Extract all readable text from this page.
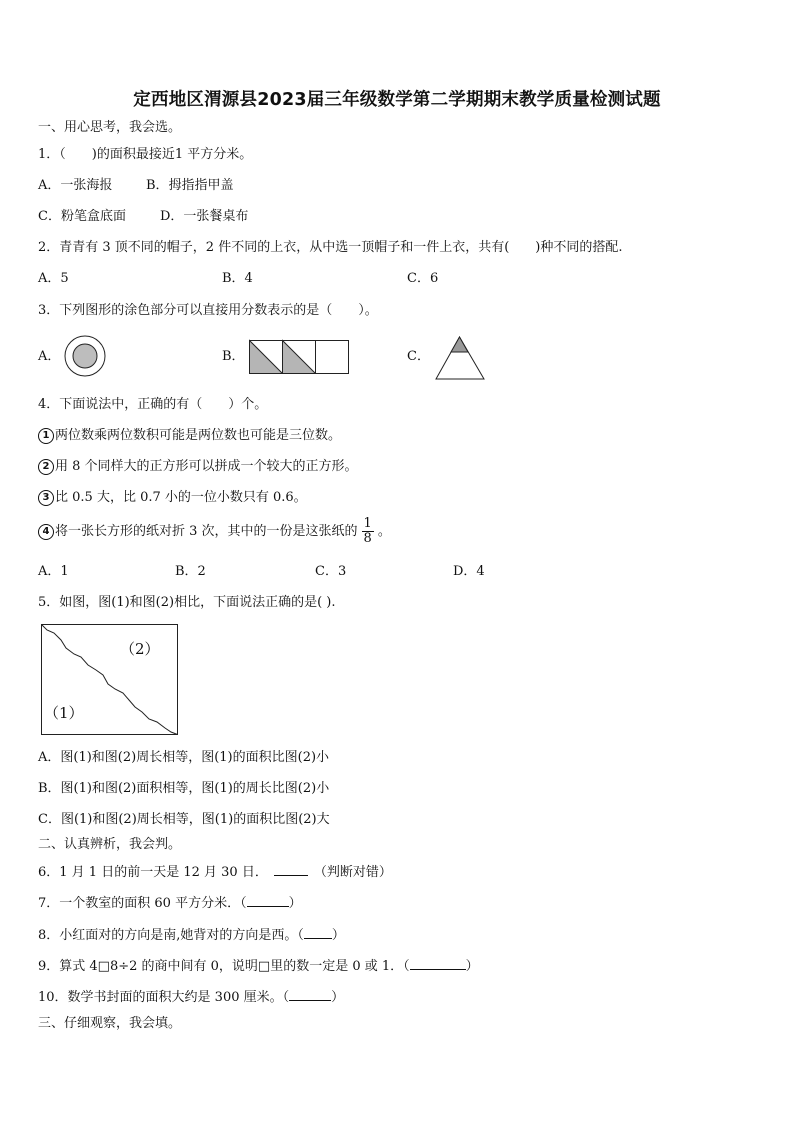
定西地区渭源县2023届三年级数学第二学期期末教学质量检测试题
一、用心思考，我会选。
1．（　　)的面积最接近1 平方分米。
A．一张海报	B．拇指指甲盖
C．粉笔盒底面	D．一张餐桌布
2．青青有 3 顶不同的帽子，2 件不同的上衣，从中选一顶帽子和一件上衣，共有(　　)种不同的搭配.
A．5	B．4	C．6
3．下列图形的涂色部分可以直接用分数表示的是（　　）。
A．	B．	C．
4．下面说法中，正确的有（　　）个。
1 两位数乘两位数积可能是两位数也可能是三位数。
2 用 8 个同样大的正方形可以拼成一个较大的正方形。
3 比 0.5 大，比 0.7 小的一位小数只有 0.6。
4 将一张长方形的纸对折 3 次，其中的一份是这张纸的 $\frac{1}{8}$ 。
A．1	B．2	C．3	D．4
5．如图，图(1)和图(2)相比，下面说法正确的是( ).
（2）
（1）
A．图(1)和图(2)周长相等，图(1)的面积比图(2)小
B．图(1)和图(2)面积相等，图(1)的周长比图(2)小
C．图(1)和图(2)周长相等，图(1)的面积比图(2)大
二、认真辨析，我会判。
6．1 月 1 日的前一天是 12 月 30 日．	（判断对错）
7．一个教室的面积 60 平方分米．（	）
8．小红面对的方向是南,她背对的方向是西。（ ）
9．算式 4□8÷2 的商中间有 0，说明□里的数一定是 0 或 1．（	）
10．数学书封面的面积大约是 300 厘米。（	）
三、仔细观察，我会填。
